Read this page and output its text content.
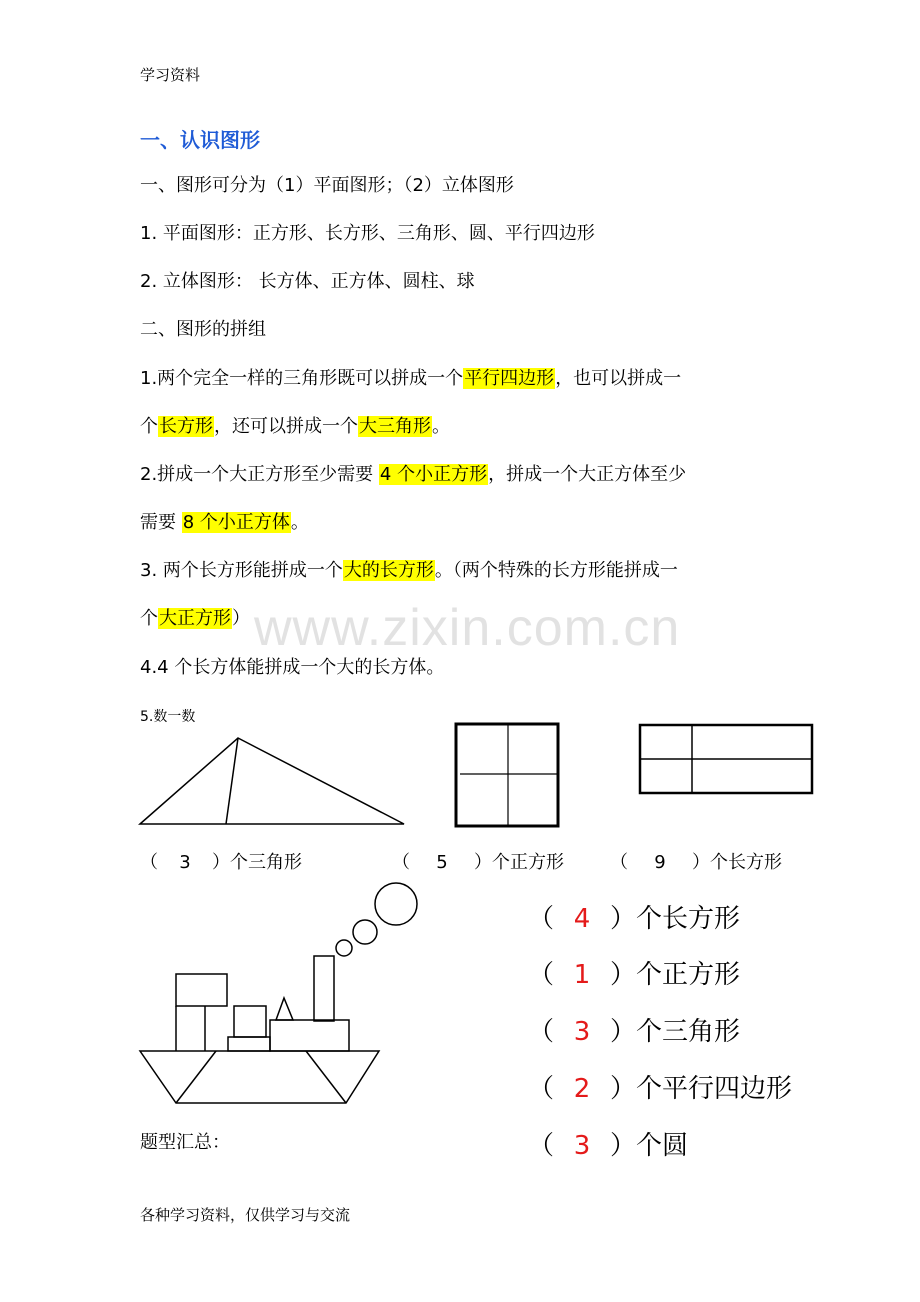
学习资料
www.zixin.com.cn
一、认识图形
一、图形可分为（1）平面图形；（2）立体图形
1. 平面图形：正方形、长方形、三角形、圆、平行四边形
2. 立体图形： 长方体、正方体、圆柱、球
二、图形的拼组
1.两个完全一样的三角形既可以拼成一个平行四边形，也可以拼成一
个长方形，还可以拼成一个大三角形。
2.拼成一个大正方形至少需要 4 个小正方形，拼成一个大正方体至少
需要 8 个小正方体。
3. 两个长方形能拼成一个大的长方形。（两个特殊的长方形能拼成一
个大正方形）
4.4 个长方体能拼成一个大的长方体。
5.数一数
（ 3 ）个三角形	（ 5 ）个正方形	（ 9 ）个长方形
（ 4 ）个长方形
（ 1 ）个正方形
（ 3 ）个三角形
（ 2 ）个平行四边形
（ 3 ）个圆
题型汇总：
各种学习资料，仅供学习与交流
